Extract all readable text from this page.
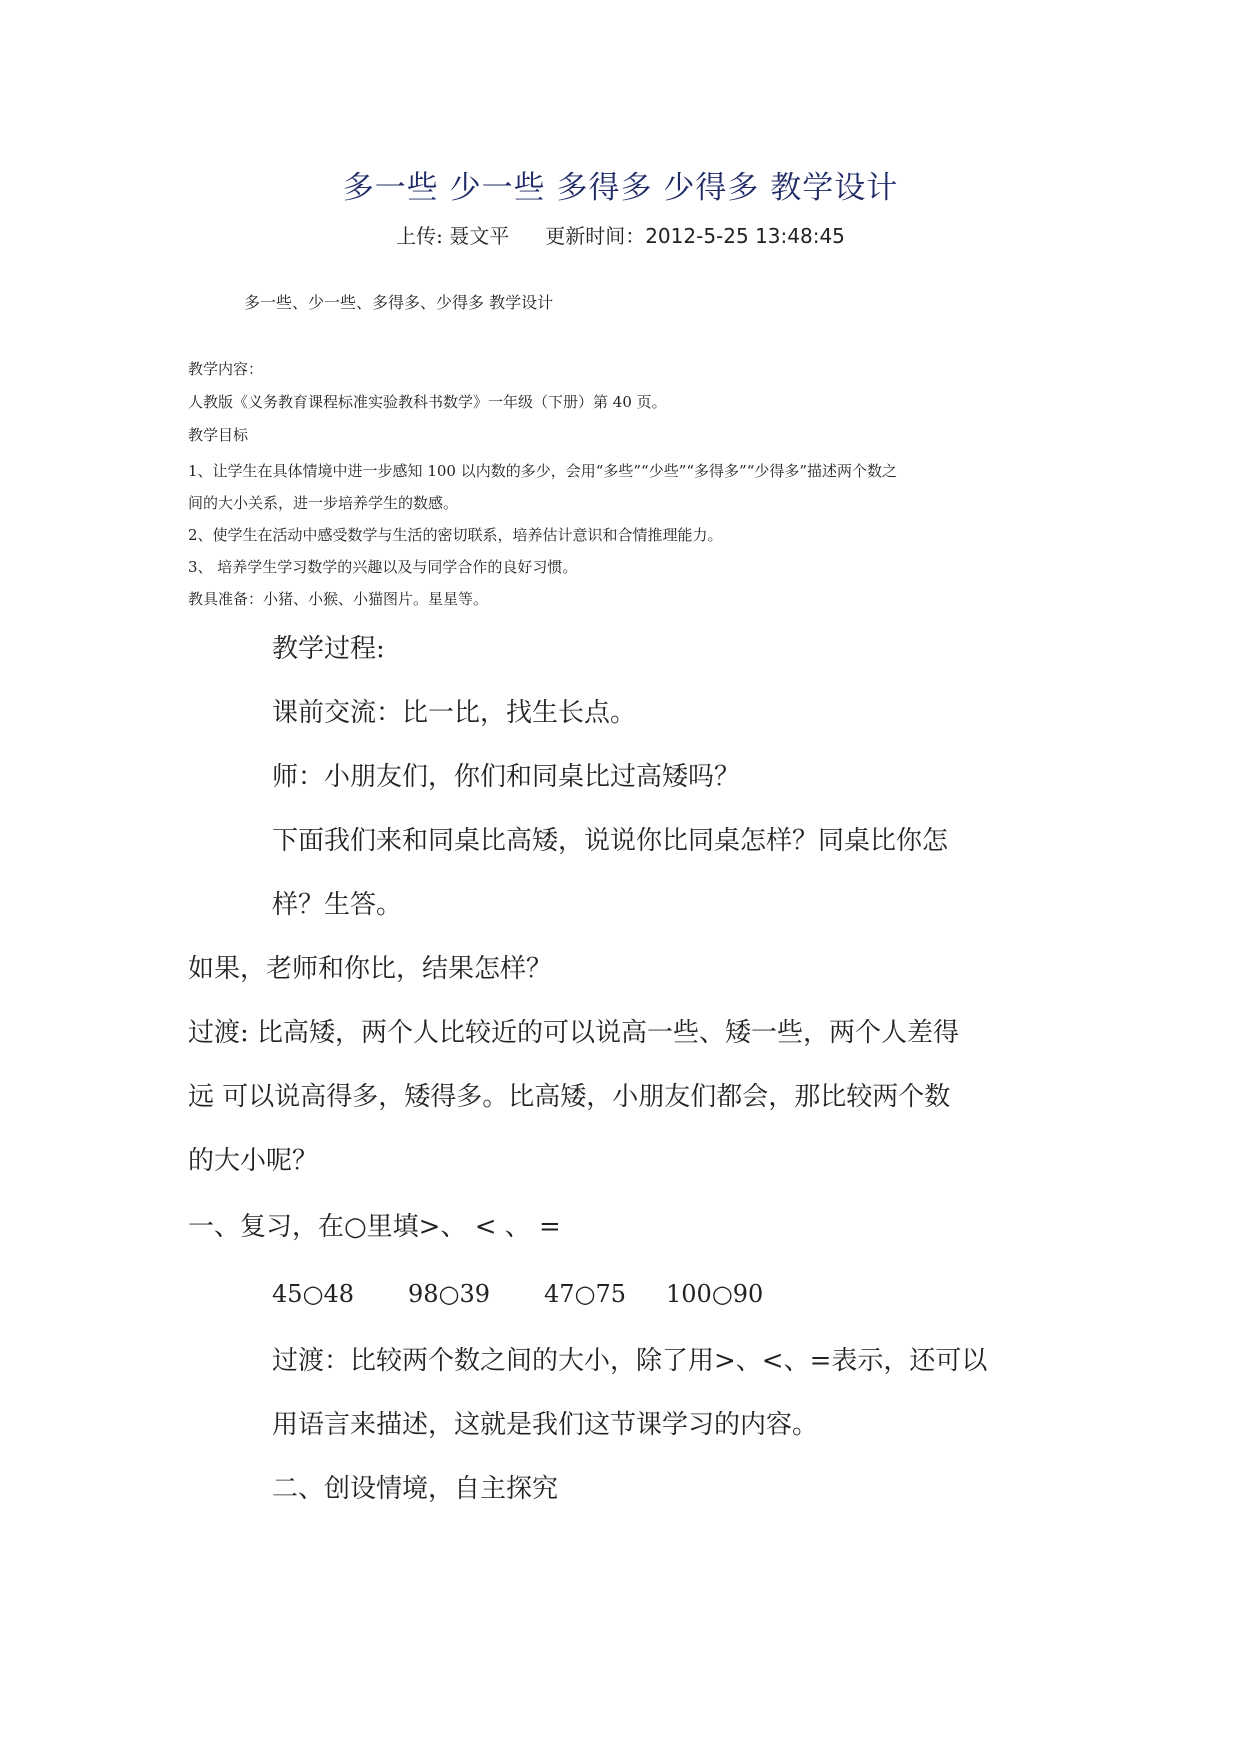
多一些 少一些 多得多 少得多 教学设计
上传: 聂文平 更新时间：2012-5-25 13:48:45
多一些、少一些、多得多、少得多 教学设计
教学内容：
人教版《义务教育课程标准实验教科书数学》一年级（下册）第 40 页。
教学目标
1、让学生在具体情境中进一步感知 100 以内数的多少，会用“多些”“少些”“多得多”“少得多”描述两个数之
间的大小关系，进一步培养学生的数感。
2、使学生在活动中感受数学与生活的密切联系，培养估计意识和合情推理能力。
3、 培养学生学习数学的兴趣以及与同学合作的良好习惯。
教具准备：小猪、小猴、小猫图片。星星等。
教学过程:
课前交流：比一比，找生长点。
师：小朋友们，你们和同桌比过高矮吗？
下面我们来和同桌比高矮，说说你比同桌怎样？同桌比你怎
样？生答。
如果，老师和你比，结果怎样？
过渡: 比高矮，两个人比较近的可以说高一些、矮一些，两个人差得
远 可以说高得多，矮得多。比高矮，小朋友们都会，那比较两个数
的大小呢？
一、复习，在○里填>、 < 、 =
45○48 98○39 47○75 100○90
过渡：比较两个数之间的大小，除了用>、<、=表示，还可以
用语言来描述，这就是我们这节课学习的内容。
二、创设情境，自主探究
